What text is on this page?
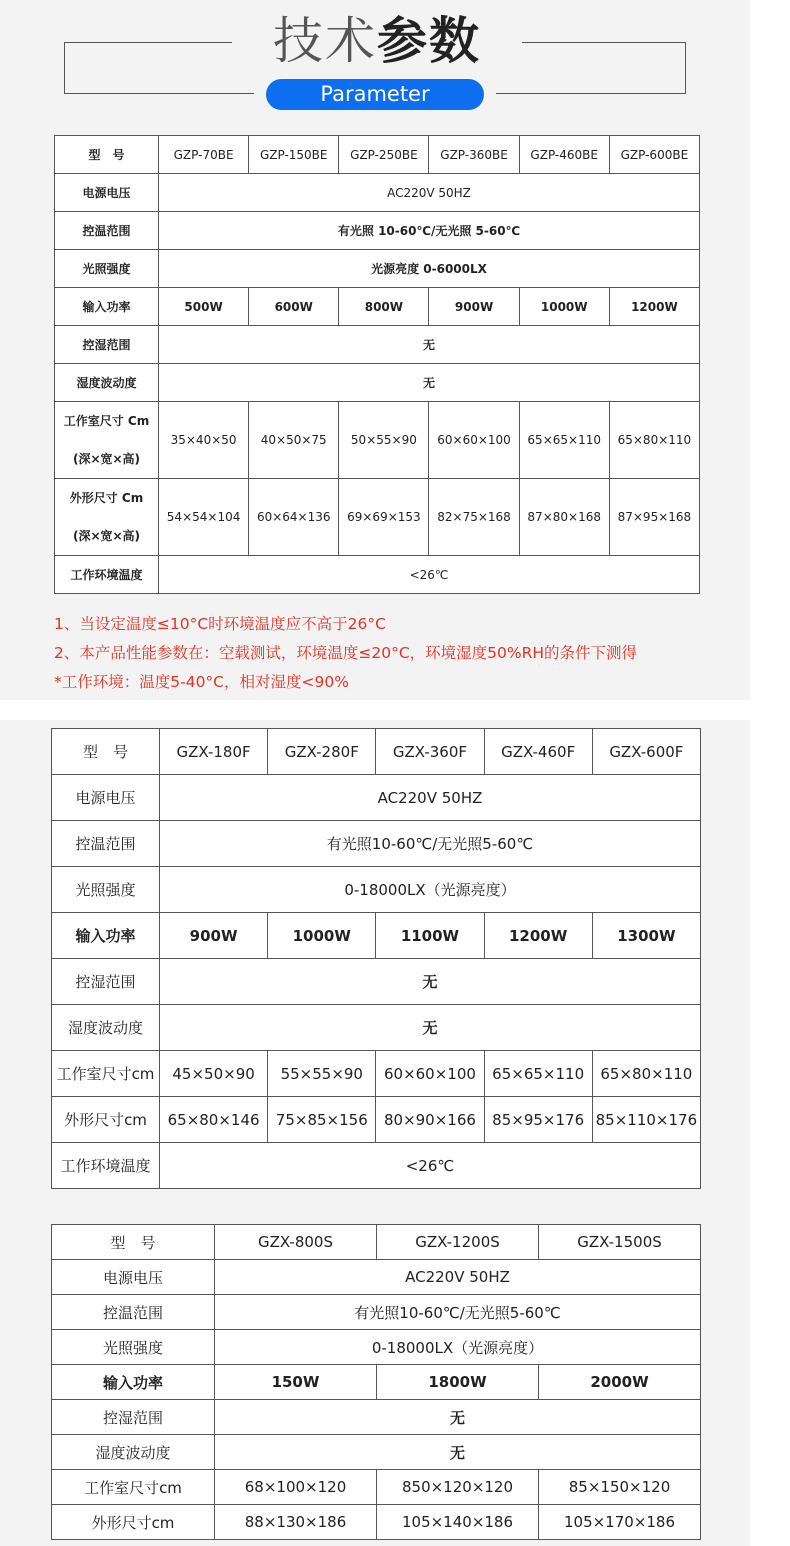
技术参数
Parameter
型　号	GZP-70BE	GZP-150BE	GZP-250BE	GZP-360BE	GZP-460BE	GZP-600BE
电源电压	AC220V 50HZ					
控温范围	有光照 10-60℃/无光照 5-60℃					
光照强度	光源亮度 0-6000LX					
输入功率	500W	600W	800W	900W	1000W	1200W
控湿范围	无					
湿度波动度	无					
工作室尺寸 Cm
(深×宽×高)	35×40×50	40×50×75	50×55×90	60×60×100	65×65×110	65×80×110
外形尺寸 Cm
(深×宽×高)	54×54×104	60×64×136	69×69×153	82×75×168	87×80×168	87×95×168
工作环境温度	<26℃					
1、当设定温度≤10°C时环境温度应不高于26°C
2、本产品性能参数在：空载测试，环境温度≤20°C，环境湿度50%RH的条件下测得
*工作环境：温度5-40°C，相对湿度<90%
型　号	GZX-180F	GZX-280F	GZX-360F	GZX-460F	GZX-600F
电源电压	AC220V 50HZ				
控温范围	有光照10-60℃/无光照5-60℃				
光照强度	0-18000LX（光源亮度）				
输入功率	900W	1000W	1100W	1200W	1300W
控湿范围	无				
湿度波动度	无				
工作室尺寸cm	45×50×90	55×55×90	60×60×100	65×65×110	65×80×110
外形尺寸cm	65×80×146	75×85×156	80×90×166	85×95×176	85×110×176
工作环境温度	<26℃				
型　号	GZX-800S	GZX-1200S	GZX-1500S
电源电压	AC220V 50HZ		
控温范围	有光照10-60℃/无光照5-60℃		
光照强度	0-18000LX（光源亮度）		
输入功率	150W	1800W	2000W
控湿范围	无		
湿度波动度	无		
工作室尺寸cm	68×100×120	850×120×120	85×150×120
外形尺寸cm	88×130×186	105×140×186	105×170×186
